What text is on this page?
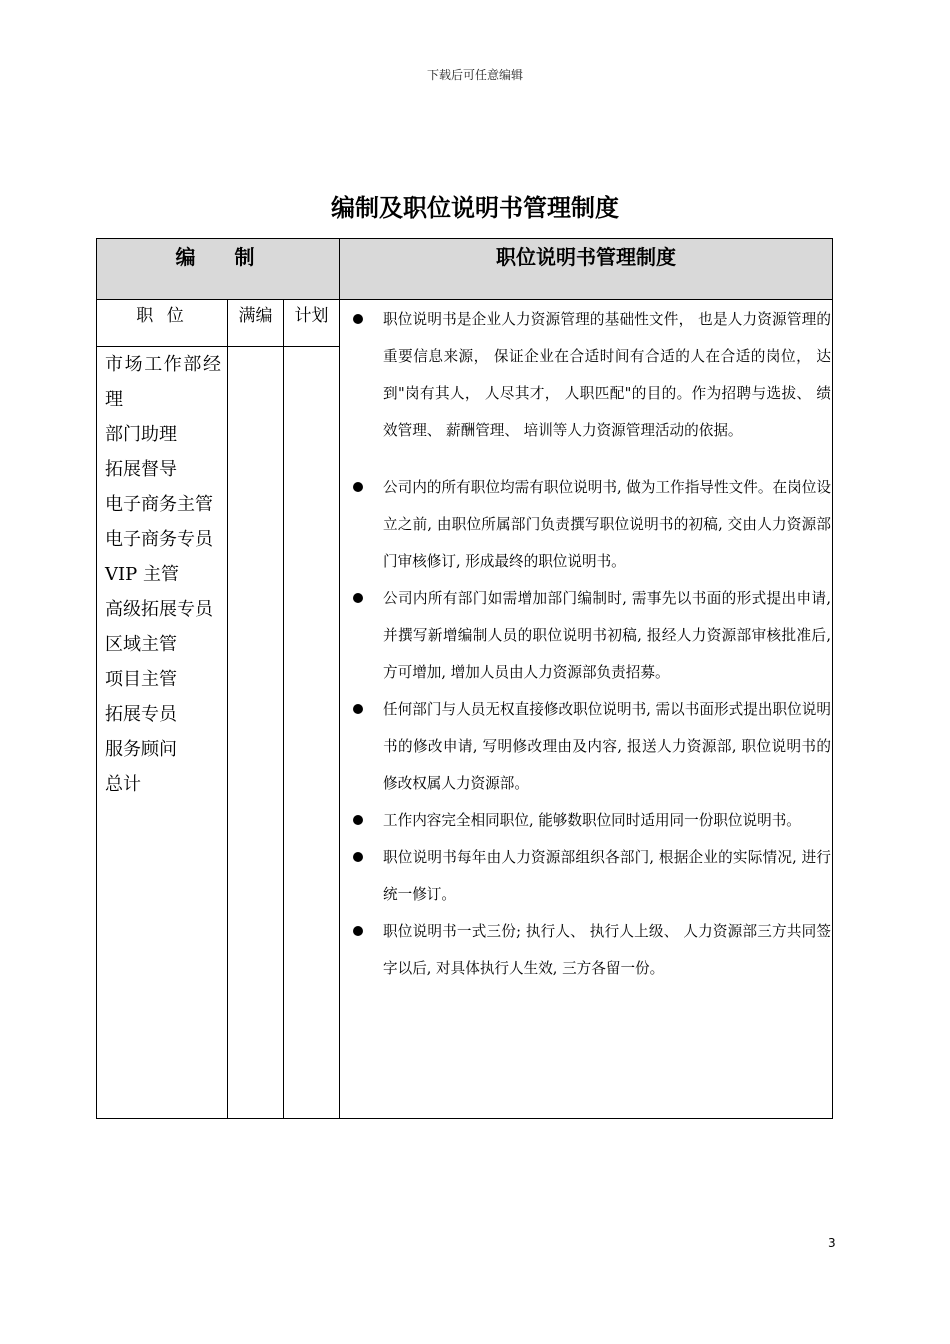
下载后可任意编辑
编制及职位说明书管理制度
编 制	职位说明书管理制度
职 位	满编	计划
市场工作部经理
部门助理
拓展督导
电子商务主管
电子商务专员
VIP 主管
高级拓展专员
区域主管
项目主管
拓展专员
服务顾问
总计
职位说明书是企业人力资源管理的基础性文件， 也是人力资源管理的重要信息来源， 保证企业在合适时间有合适的人在合适的岗位， 达到"岗有其人， 人尽其才， 人职匹配"的目的。作为招聘与选拔、 绩效管理、 薪酬管理、 培训等人力资源管理活动的依据。
公司内的所有职位均需有职位说明书, 做为工作指导性文件。在岗位设立之前, 由职位所属部门负责撰写职位说明书的初稿, 交由人力资源部门审核修订, 形成最终的职位说明书。
公司内所有部门如需增加部门编制时, 需事先以书面的形式提出申请, 并撰写新增编制人员的职位说明书初稿, 报经人力资源部审核批准后, 方可增加, 增加人员由人力资源部负责招募。
任何部门与人员无权直接修改职位说明书, 需以书面形式提出职位说明书的修改申请, 写明修改理由及内容, 报送人力资源部, 职位说明书的修改权属人力资源部。
工作内容完全相同职位, 能够数职位同时适用同一份职位说明书。
职位说明书每年由人力资源部组织各部门, 根据企业的实际情况, 进行统一修订。
职位说明书一式三份; 执行人、 执行人上级、 人力资源部三方共同签字以后, 对具体执行人生效, 三方各留一份。
3
